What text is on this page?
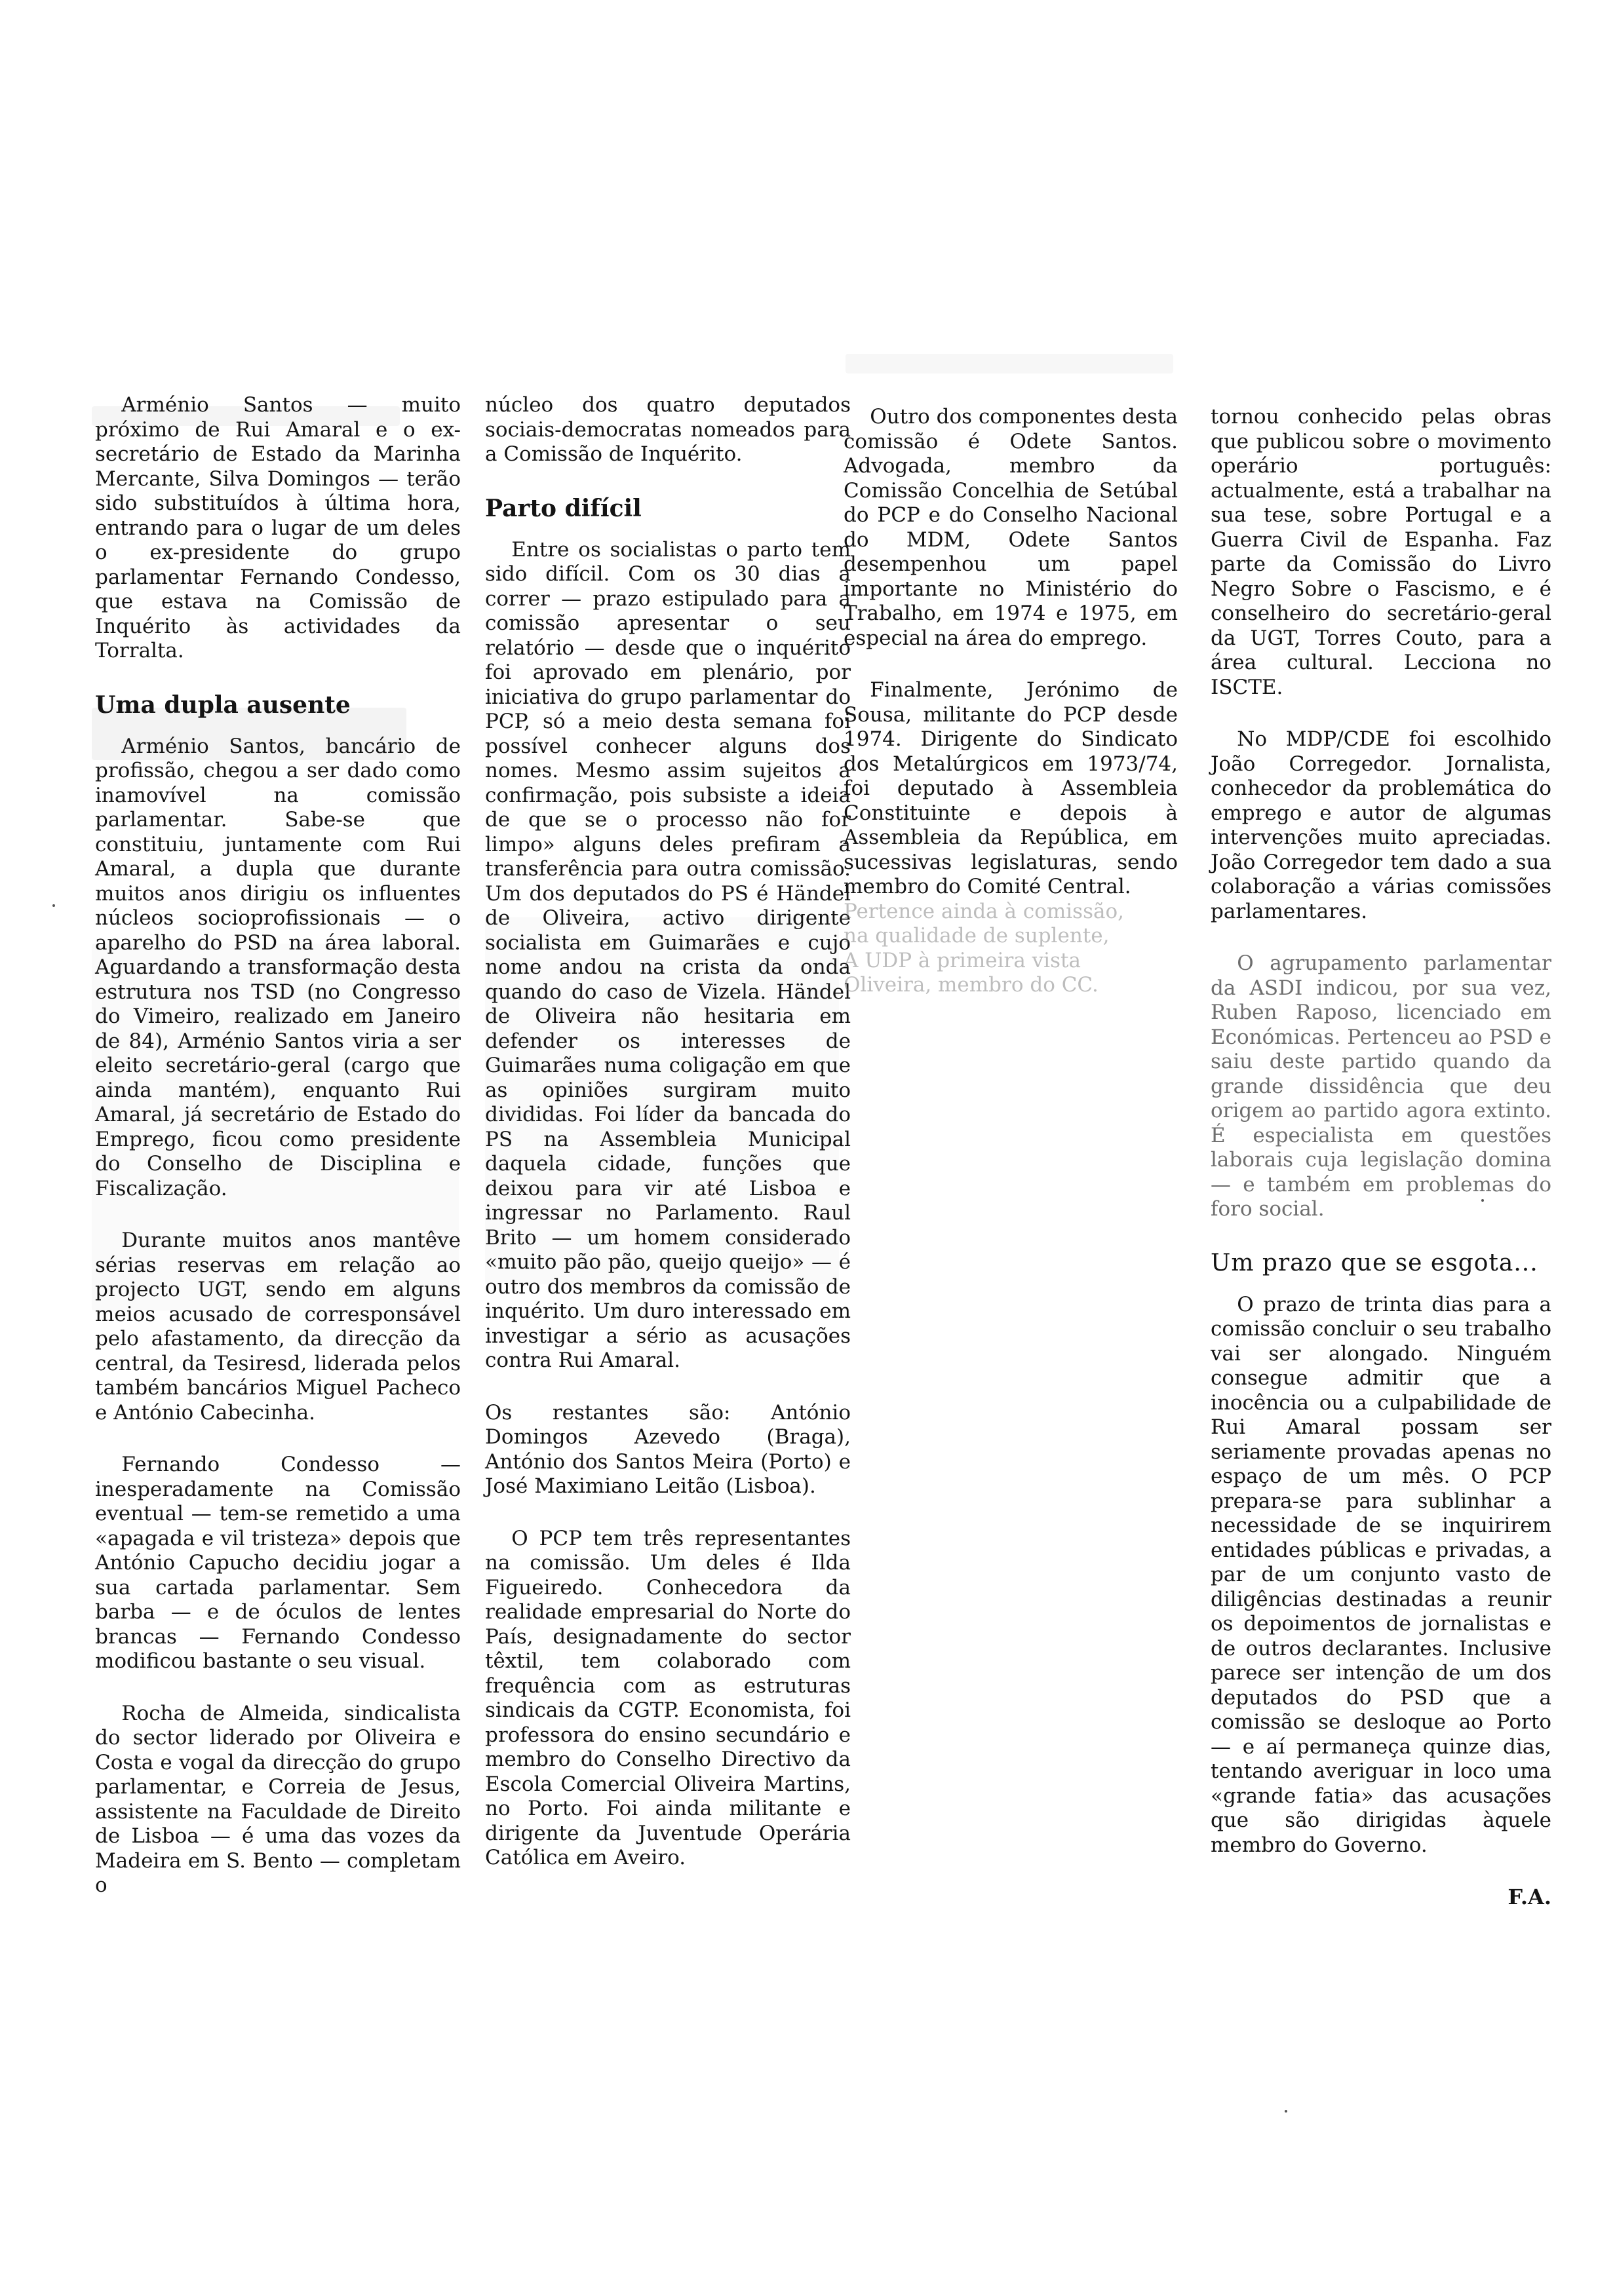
Arménio Santos — muito próximo de Rui Amaral e o ex-secretário de Estado da Marinha Mercante, Silva Domingos — terão sido substituídos à última hora, entrando para o lugar de um deles o ex-presidente do grupo parlamentar Fernando Condesso, que estava na Comissão de Inquérito às actividades da Torralta.

Uma dupla ausente

Arménio Santos, bancário de profissão, chegou a ser dado como inamovível na comissão parlamentar. Sabe-se que constituiu, juntamente com Rui Amaral, a dupla que durante muitos anos dirigiu os influentes núcleos socioprofissionais — o aparelho do PSD na área laboral. Aguardando a transformação desta estrutura nos TSD (no Congresso do Vimeiro, realizado em Janeiro de 84), Arménio Santos viria a ser eleito secretário-geral (cargo que ainda mantém), enquanto Rui Amaral, já secretário de Estado do Emprego, ficou como presidente do Conselho de Disciplina e Fiscalização.

Durante muitos anos mantêve sérias reservas em relação ao projecto UGT, sendo em alguns meios acusado de corresponsável pelo afastamento, da direcção da central, da Tesiresd, liderada pelos também bancários Miguel Pacheco e António Cabecinha.

Fernando Condesso — inesperadamente na Comissão eventual — tem-se remetido a uma «apagada e vil tristeza» depois que António Capucho decidiu jogar a sua cartada parlamentar. Sem barba — e de óculos de lentes brancas — Fernando Condesso modificou bastante o seu visual.

Rocha de Almeida, sindicalista do sector liderado por Oliveira e Costa e vogal da direcção do grupo parlamentar, e Correia de Jesus, assistente na Faculdade de Direito de Lisboa — é uma das vozes da Madeira em S. Bento — completam o

núcleo dos quatro deputados sociais-democratas nomeados para a Comissão de Inquérito.

Parto difícil

Entre os socialistas o parto tem sido difícil. Com os 30 dias a correr — prazo estipulado para a comissão apresentar o seu relatório — desde que o inquérito foi aprovado em plenário, por iniciativa do grupo parlamentar do PCP, só a meio desta semana foi possível conhecer alguns dos nomes. Mesmo assim sujeitos a confirmação, pois subsiste a ideia de que se o processo não for limpo» alguns deles prefiram a transferência para outra comissão. Um dos deputados do PS é Händel de Oliveira, activo dirigente socialista em Guimarães e cujo nome andou na crista da onda quando do caso de Vizela. Händel de Oliveira não hesitaria em defender os interesses de Guimarães numa coligação em que as opiniões surgiram muito divididas. Foi líder da bancada do PS na Assembleia Municipal daquela cidade, funções que deixou para vir até Lisboa e ingressar no Parlamento. Raul Brito — um homem considerado «muito pão pão, queijo queijo» — é outro dos membros da comissão de inquérito. Um duro interessado em investigar a sério as acusações contra Rui Amaral.

Os restantes são: António Domingos Azevedo (Braga), António dos Santos Meira (Porto) e José Maximiano Leitão (Lisboa).

O PCP tem três representantes na comissão. Um deles é Ilda Figueiredo. Conhecedora da realidade empresarial do Norte do País, designadamente do sector têxtil, tem colaborado com frequência com as estruturas sindicais da CGTP. Economista, foi professora do ensino secundário e membro do Conselho Directivo da Escola Comercial Oliveira Martins, no Porto. Foi ainda militante e dirigente da Juventude Operária Católica em Aveiro.

Outro dos componentes desta comissão é Odete Santos. Advogada, membro da Comissão Concelhia de Setúbal do PCP e do Conselho Nacional do MDM, Odete Santos desempenhou um papel importante no Ministério do Trabalho, em 1974 e 1975, em especial na área do emprego.

Finalmente, Jerónimo de Sousa, militante do PCP desde 1974. Dirigente do Sindicato dos Metalúrgicos em 1973/74, foi deputado à Assembleia Constituinte e depois à Assembleia da República, em sucessivas legislaturas, sendo membro do Comité Central.

Pertence ainda à comissão,
na qualidade de suplente,
A UDP à primeira vista
Oliveira, membro do CC.

tornou conhecido pelas obras que publicou sobre o movimento operário português: actualmente, está a trabalhar na sua tese, sobre Portugal e a Guerra Civil de Espanha. Faz parte da Comissão do Livro Negro Sobre o Fascismo, e é conselheiro do secretário-geral da UGT, Torres Couto, para a área cultural. Lecciona no ISCTE.

No MDP/CDE foi escolhido João Corregedor. Jornalista, conhecedor da problemática do emprego e autor de algumas intervenções muito apreciadas. João Corregedor tem dado a sua colaboração a várias comissões parlamentares.

O agrupamento parlamentar da ASDI indicou, por sua vez, Ruben Raposo, licenciado em Económicas. Pertenceu ao PSD e saiu deste partido quando da grande dissidência que deu origem ao partido agora extinto. É especialista em questões laborais cuja legislação domina — e também em problemas do foro social.

Um prazo que se esgota...

O prazo de trinta dias para a comissão concluir o seu trabalho vai ser alongado. Ninguém consegue admitir que a inocência ou a culpabilidade de Rui Amaral possam ser seriamente provadas apenas no espaço de um mês. O PCP prepara-se para sublinhar a necessidade de se inquirirem entidades públicas e privadas, a par de um conjunto vasto de diligências destinadas a reunir os depoimentos de jornalistas e de outros declarantes. Inclusive parece ser intenção de um dos deputados do PSD que a comissão se desloque ao Porto — e aí permaneça quinze dias, tentando averiguar in loco uma «grande fatia» das acusações que são dirigidas àquele membro do Governo.

F.A.
